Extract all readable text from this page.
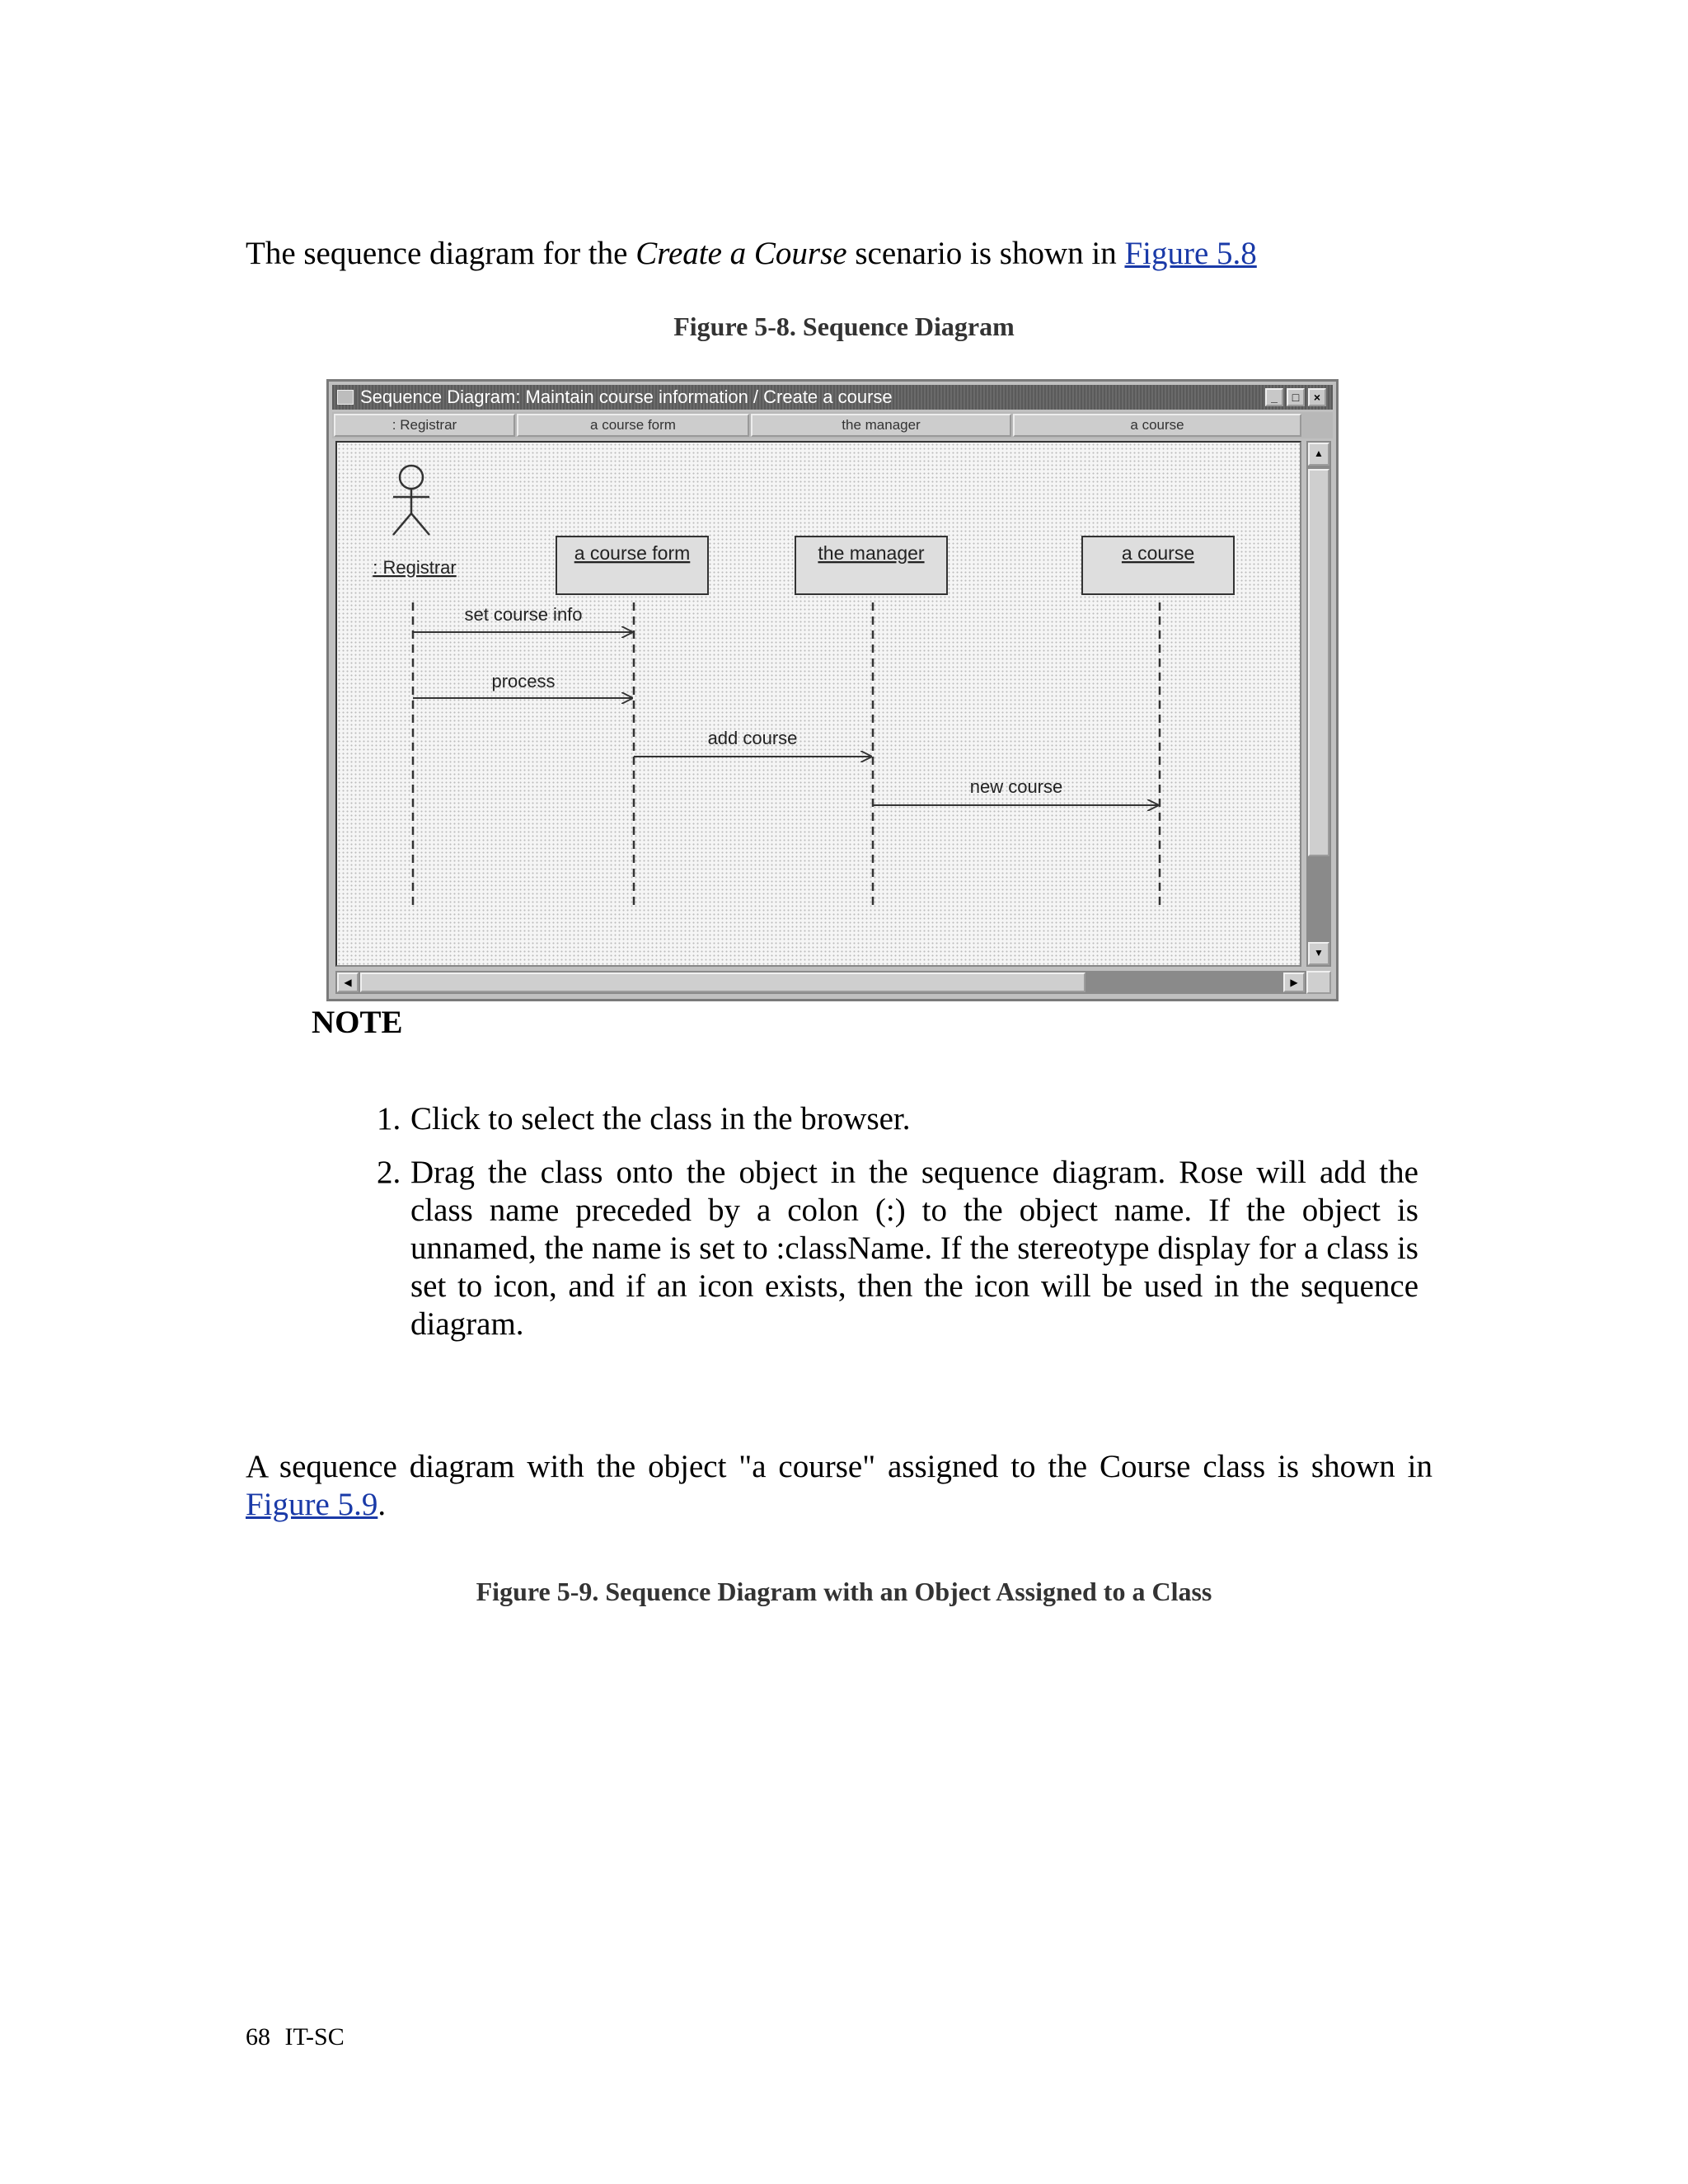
The sequence diagram for the Create a Course scenario is shown in Figure 5.8

Figure 5-8. Sequence Diagram
Sequence Diagram: Maintain course information / Create a course	_	□	×
: Registrar	a course form	the manager	a course
: Registrar
a course form	the manager	a course
set course info
process
add course
new course
▲
▼
◀	▶
NOTE
1. Click to select the class in the browser.
2. Drag the class onto the object in the sequence diagram. Rose will add the class name preceded by a colon (:) to the object name. If the object is unnamed, the name is set to :className. If the stereotype display for a class is set to icon, and if an icon exists, then the icon will be used in the sequence diagram.

A sequence diagram with the object "a course" assigned to the Course class is shown in Figure 5.9.

Figure 5-9. Sequence Diagram with an Object Assigned to a Class
68 IT-SC
